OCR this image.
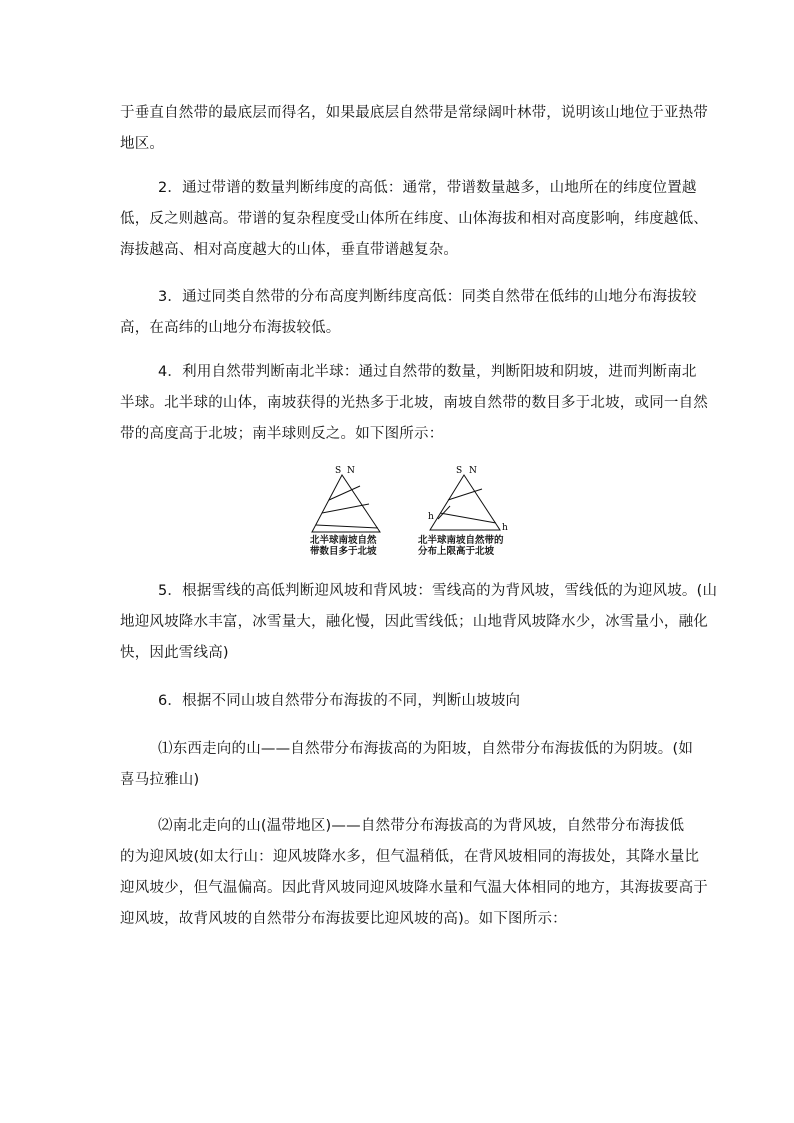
于垂直自然带的最底层而得名，如果最底层自然带是常绿阔叶林带，说明该山地位于亚热带
地区。
2．通过带谱的数量判断纬度的高低：通常，带谱数量越多，山地所在的纬度位置越
低，反之则越高。带谱的复杂程度受山体所在纬度、山体海拔和相对高度影响，纬度越低、
海拔越高、相对高度越大的山体，垂直带谱越复杂。
3．通过同类自然带的分布高度判断纬度高低：同类自然带在低纬的山地分布海拔较
高，在高纬的山地分布海拔较低。
4．利用自然带判断南北半球：通过自然带的数量，判断阳坡和阴坡，进而判断南北
半球。北半球的山体，南坡获得的光热多于北坡，南坡自然带的数目多于北坡，或同一自然
带的高度高于北坡；南半球则反之。如下图所示：
S N	S N
h
h
北半球南坡自然
带数目多于北坡
北半球南坡自然带的
分布上限高于北坡
5．根据雪线的高低判断迎风坡和背风坡：雪线高的为背风坡，雪线低的为迎风坡。(山
地迎风坡降水丰富，冰雪量大，融化慢，因此雪线低；山地背风坡降水少，冰雪量小，融化
快，因此雪线高)
6．根据不同山坡自然带分布海拔的不同，判断山坡坡向
⑴东西走向的山——自然带分布海拔高的为阳坡，自然带分布海拔低的为阴坡。(如
喜马拉雅山)
⑵南北走向的山(温带地区)——自然带分布海拔高的为背风坡，自然带分布海拔低
的为迎风坡(如太行山：迎风坡降水多，但气温稍低，在背风坡相同的海拔处，其降水量比
迎风坡少，但气温偏高。因此背风坡同迎风坡降水量和气温大体相同的地方，其海拔要高于
迎风坡，故背风坡的自然带分布海拔要比迎风坡的高)。如下图所示：
